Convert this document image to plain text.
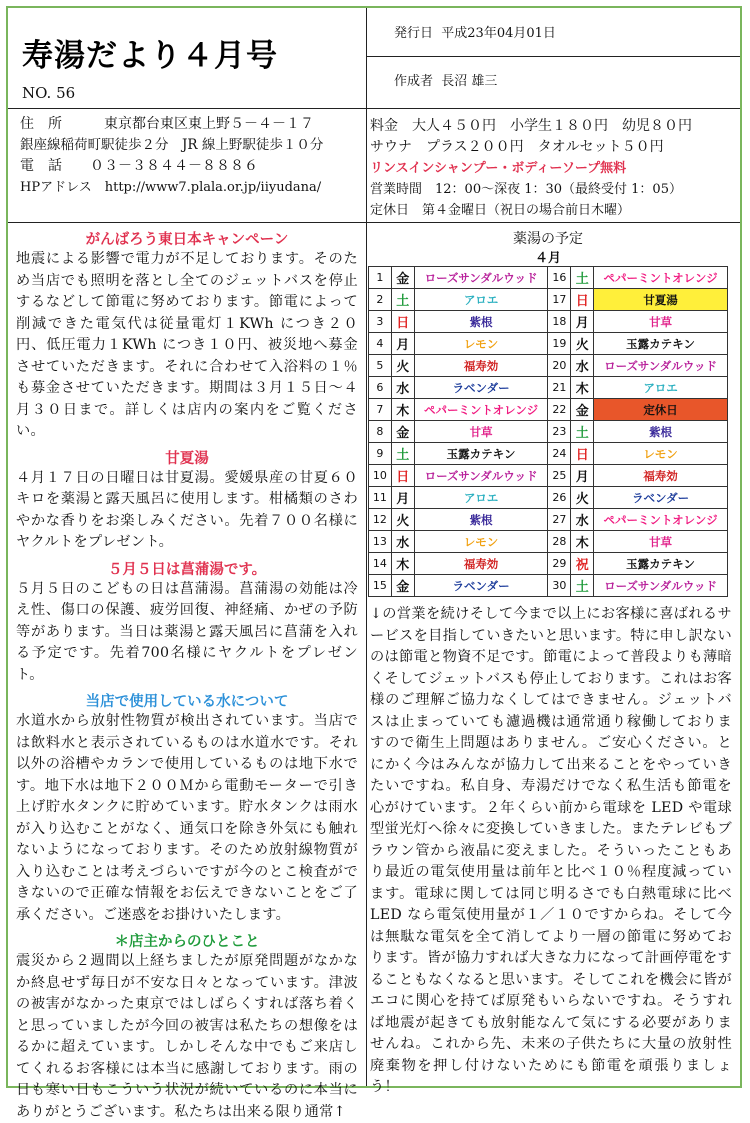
寿湯だより４月号
NO. 56
発行日 平成23年04月01日
作成者 長沼 雄三
住　所　　　	東京都台東区東上野５－４－１７
銀座線稲荷町駅徒歩２分　JR 線上野駅徒歩１０分
電　話　　 ０３－３８４４－８８８６
HPアドレス　 http://www7.plala.or.jp/iiyudana/
料金　大人４５０円　小学生１８０円　幼児８０円
サウナ　プラス２００円　タオルセット５０円
リンスインシャンプー・ボディーソープ無料
営業時間　12：00～深夜 1：30（最終受付 1：05）
定休日　第４金曜日（祝日の場合前日木曜）
がんばろう東日本キャンペーン
地震による影響で電力が不足しております。そのため当店でも照明を落とし全てのジェットバスを停止するなどして節電に努めております。節電によって削減できた電気代は従量電灯１KWh につき２０円、低圧電力１KWh につき１０円、被災地へ募金させていただきます。それに合わせて入浴料の１％も募金させていただきます。期間は３月１５日～４月３０日まで。詳しくは店内の案内をご覧ください。
甘夏湯
４月１７日の日曜日は甘夏湯。愛媛県産の甘夏６０キロを薬湯と露天風呂に使用します。柑橘類のさわやかな香りをお楽しみください。先着７００名様にヤクルトをプレゼント。
５月５日は菖蒲湯です。
５月５日のこどもの日は菖蒲湯。菖蒲湯の効能は冷え性、傷口の保護、疲労回復、神経痛、かぜの予防等があります。当日は薬湯と露天風呂に菖蒲を入れる予定です。先着700名様にヤクルトをプレゼント。
当店で使用している水について
水道水から放射性物質が検出されています。当店では飲料水と表示されているものは水道水です。それ以外の浴槽やカランで使用しているものは地下水です。地下水は地下２００Ｍから電動モーターで引き上げ貯水タンクに貯めています。貯水タンクは雨水が入り込むことがなく、通気口を除き外気にも触れないようになっております。そのため放射線物質が入り込むことは考えづらいですが今のとこ検査ができないので正確な情報をお伝えできないことをご了承ください。ご迷惑をお掛けいたします。
＊店主からのひとこと
震災から２週間以上経ちましたが原発問題がなかなか終息せず毎日が不安な日々となっています。津波の被害がなかった東京ではしばらくすれば落ち着くと思っていましたが今回の被害は私たちの想像をはるかに超えています。しかしそんな中でもご来店してくれるお客様には本当に感謝しております。雨の日も寒い日もこういう状況が続いているのに本当にありがとうございます。私たちは出来る限り通常↑
薬湯の予定
４月
1	金	ローズサンダルウッド	16	土	ペパーミントオレンジ
2	土	アロエ	17	日	甘夏湯
3	日	紫根	18	月	甘草
4	月	レモン	19	火	玉露カテキン
5	火	福寿効	20	水	ローズサンダルウッド
6	水	ラベンダー	21	木	アロエ
7	木	ペパーミントオレンジ	22	金	定休日
8	金	甘草	23	土	紫根
9	土	玉露カテキン	24	日	レモン
10	日	ローズサンダルウッド	25	月	福寿効
11	月	アロエ	26	火	ラベンダー
12	火	紫根	27	水	ペパーミントオレンジ
13	水	レモン	28	木	甘草
14	木	福寿効	29	祝	玉露カテキン
15	金	ラベンダー	30	土	ローズサンダルウッド
↓の営業を続けそして今まで以上にお客様に喜ばれるサービスを目指していきたいと思います。特に申し訳ないのは節電と物資不足です。節電によって普段よりも薄暗くそしてジェットバスも停止しております。これはお客様のご理解ご協力なくしてはできません。ジェットバスは止まっていても濾過機は通常通り稼働しておりますので衛生上問題はありません。ご安心ください。とにかく今はみんなが協力して出来ることをやっていきたいですね。私自身、寿湯だけでなく私生活も節電を心がけています。２年くらい前から電球を LED や電球型蛍光灯へ徐々に変換していきました。またテレビもブラウン管から液晶に変えました。そういったこともあり最近の電気使用量は前年と比べ１０％程度減っています。電球に関しては同じ明るさでも白熱電球に比べ LED なら電気使用量が１／１０ですからね。そして今は無駄な電気を全て消してより一層の節電に努めております。皆が協力すれば大きな力になって計画停電をすることもなくなると思います。そしてこれを機会に皆がエコに関心を持てば原発もいらないですね。そうすれば地震が起きても放射能なんて気にする必要がありませんね。これから先、未来の子供たちに大量の放射性廃棄物を押し付けないためにも節電を頑張りましょう！
